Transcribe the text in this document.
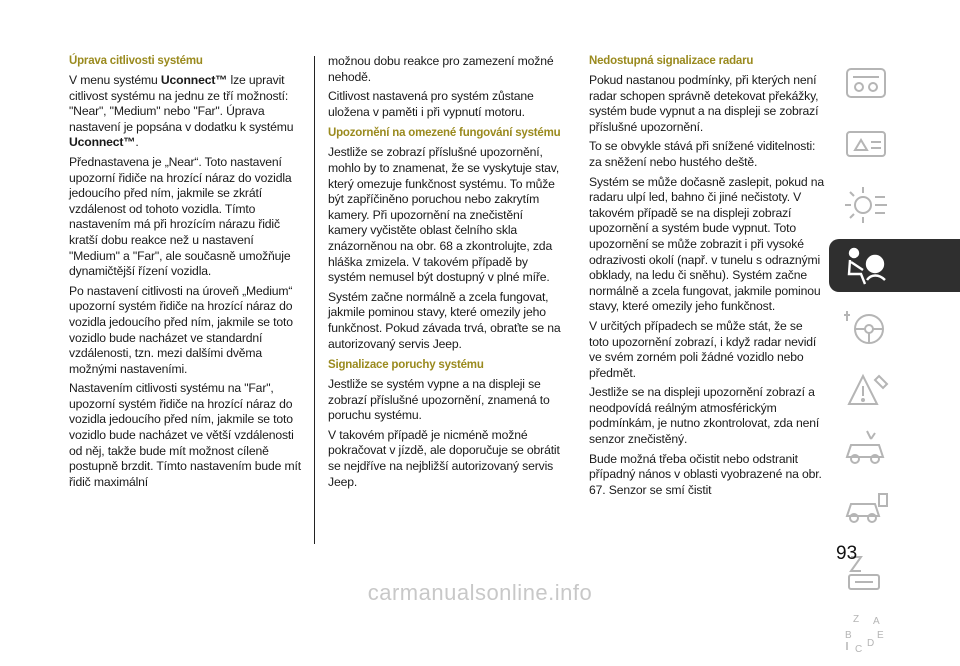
Úprava citlivosti systému

V menu systému Uconnect™ lze upravit citlivost systému na jednu ze tří možností: "Near", "Medium" nebo "Far". Úprava nastavení je popsána v dodatku k systému Uconnect™.

Přednastavena je „Near“. Toto nastavení upozorní řidiče na hrozící náraz do vozidla jedoucího před ním, jakmile se zkrátí vzdálenost od tohoto vozidla. Tímto nastavením má při hrozícím nárazu řidič kratší dobu reakce než u nastavení "Medium" a "Far", ale současně umožňuje dynamičtější řízení vozidla.

Po nastavení citlivosti na úroveň „Medium“ upozorní systém řidiče na hrozící náraz do vozidla jedoucího před ním, jakmile se toto vozidlo bude nacházet ve standardní vzdálenosti, tzn. mezi dalšími dvěma možnými nastaveními.

Nastavením citlivosti systému na "Far", upozorní systém řidiče na hrozící náraz do vozidla jedoucího před ním, jakmile se toto vozidlo bude nacházet ve větší vzdálenosti od něj, takže bude mít možnost cíleně postupně brzdit. Tímto nastavením bude mít řidič maximální

možnou dobu reakce pro zamezení možné nehodě.

Citlivost nastavená pro systém zůstane uložena v paměti i při vypnutí motoru.

Upozornění na omezené fungování systému

Jestliže se zobrazí příslušné upozornění, mohlo by to znamenat, že se vyskytuje stav, který omezuje funkčnost systému. To může být zapříčiněno poruchou nebo zakrytím kamery. Při upozornění na znečistění kamery vyčistěte oblast čelního skla znázorněnou na obr. 68 a zkontrolujte, zda hláška zmizela. V takovém případě by systém nemusel být dostupný v plné míře.

Systém začne normálně a zcela fungovat, jakmile pominou stavy, které omezily jeho funkčnost. Pokud závada trvá, obraťte se na autorizovaný servis Jeep.

Signalizace poruchy systému

Jestliže se systém vypne a na displeji se zobrazí příslušné upozornění, znamená to poruchu systému.

V takovém případě je nicméně možné pokračovat v jízdě, ale doporučuje se obrátit se nejdříve na nejbližší autorizovaný servis Jeep.

Nedostupná signalizace radaru

Pokud nastanou podmínky, při kterých není radar schopen správně detekovat překážky, systém bude vypnut a na displeji se zobrazí příslušné upozornění.

To se obvykle stává při snížené viditelnosti: za sněžení nebo hustého deště.

Systém se může dočasně zaslepit, pokud na radaru ulpí led, bahno či jiné nečistoty. V takovém případě se na displeji zobrazí upozornění a systém bude vypnut. Toto upozornění se může zobrazit i při vysoké odrazivosti okolí (např. v tunelu s odraznými obklady, na ledu či sněhu). Systém začne normálně a zcela fungovat, jakmile pominou stavy, které omezily jeho funkčnost.

V určitých případech se může stát, že se toto upozornění zobrazí, i když radar nevidí ve svém zorném poli žádné vozidlo nebo předmět.

Jestliže se na displeji upozornění zobrazí a neodpovídá reálným atmosférickým podmínkám, je nutno zkontrolovat, zda není senzor znečistěný.

Bude možná třeba očistit nebo odstranit případný nános v oblasti vyobrazené na obr. 67. Senzor se smí čistit

Z A
B	E
C
D
93
carmanualsonline.info
